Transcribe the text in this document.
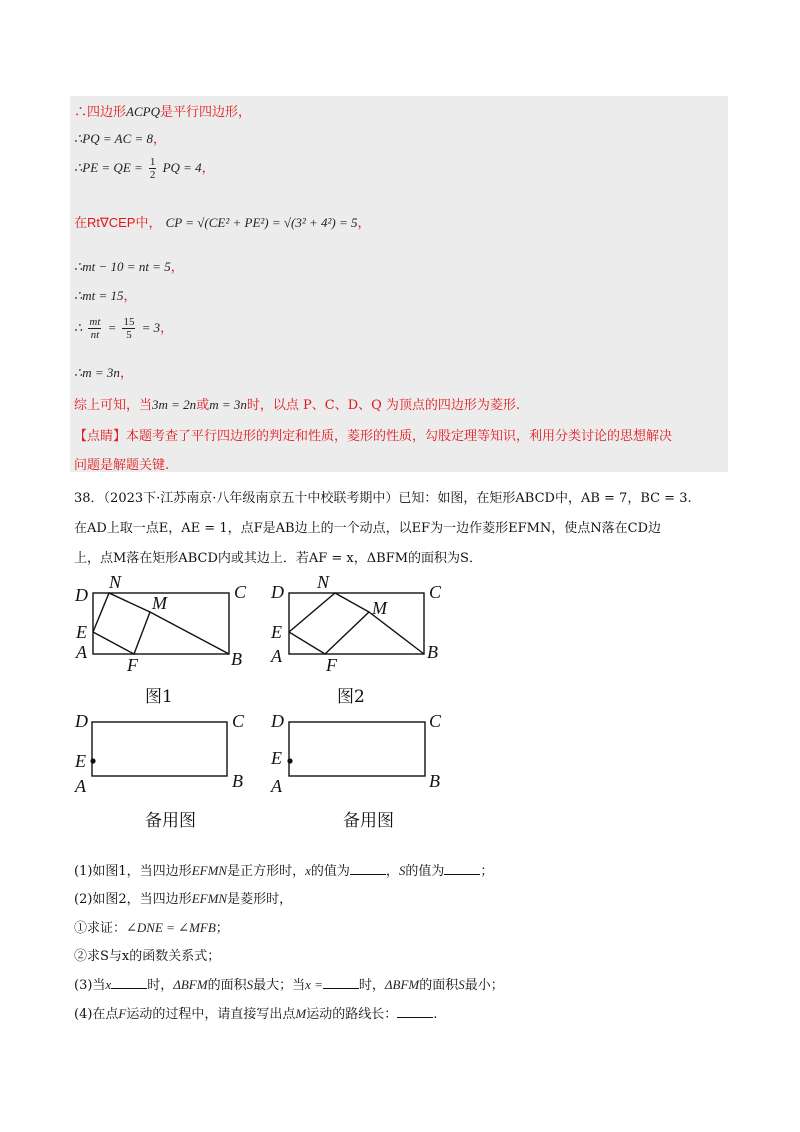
∴四边形ACPQ是平行四边形，
∴PQ = AC = 8，
∴PE = QE = $\frac{1}{2}$ PQ = 4，
在Rt∇CEP中， CP = √(CE² + PE²) = √(3² + 4²) = 5，
∴mt − 10 = nt = 5，
∴mt = 15，
∴ $\frac{mt}{nt} = \frac{15}{5} = 3$，
∴m = 3n，
综上可知，当3m = 2n或m = 3n时，以点 P、C、D、Q 为顶点的四边形为菱形.
【点睛】本题考查了平行四边形的判定和性质，菱形的性质，勾股定理等知识，利用分类讨论的思想解决
问题是解题关键.
38．（2023下·江苏南京·八年级南京五十中校联考期中）已知：如图，在矩形ABCD中，AB = 7，BC = 3.
在AD上取一点E，AE = 1，点F是AB边上的一个动点，以EF为一边作菱形EFMN，使点N落在CD边
上，点M落在矩形ABCD内或其边上．若AF = x，ΔBFM的面积为S．
D
N	C
M
E
A
F	B
D N	C
M
E
A F
B
D	C
E
A	B
D	C
E
A	B
图1	图2
备用图	备用图
(1)如图1，当四边形EFMN是正方形时，x的值为	，S的值为	；
(2)如图2，当四边形EFMN是菱形时，
①求证：∠DNE = ∠MFB；
②求S与x的函数关系式；
(3)当x	时，ΔBFM的面积S最大；当x =	时，ΔBFM的面积S最小；
(4)在点F运动的过程中，请直接写出点M运动的路线长：	.
